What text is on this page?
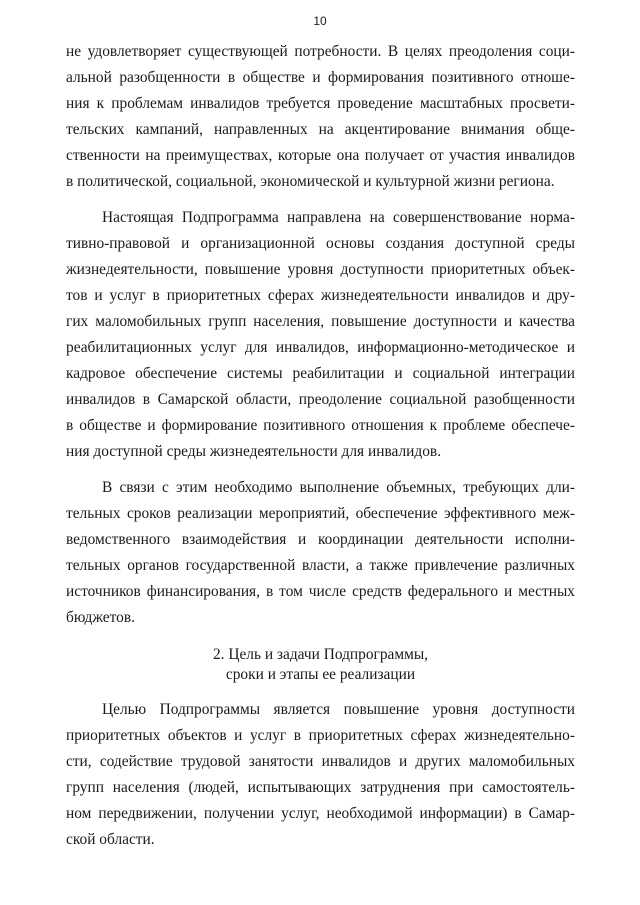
10
не удовлетворяет существующей потребности. В целях преодоления соци-
альной разобщенности в обществе и формирования позитивного отноше-
ния к проблемам инвалидов требуется проведение масштабных просвети-
тельских кампаний, направленных на акцентирование внимания обще-
ственности на преимуществах, которые она получает от участия инвалидов
в политической, социальной, экономической и культурной жизни региона.
Настоящая Подпрограмма направлена на совершенствование норма-
тивно-правовой и организационной основы создания доступной среды
жизнедеятельности, повышение уровня доступности приоритетных объек-
тов и услуг в приоритетных сферах жизнедеятельности инвалидов и дру-
гих маломобильных групп населения, повышение доступности и качества
реабилитационных услуг для инвалидов, информационно-методическое и
кадровое обеспечение системы реабилитации и социальной интеграции
инвалидов в Самарской области, преодоление социальной разобщенности
в обществе и формирование позитивного отношения к проблеме обеспече-
ния доступной среды жизнедеятельности для инвалидов.
В связи с этим необходимо выполнение объемных, требующих дли-
тельных сроков реализации мероприятий, обеспечение эффективного меж-
ведомственного взаимодействия и координации деятельности исполни-
тельных органов государственной власти, а также привлечение различных
источников финансирования, в том числе средств федерального и местных
бюджетов.
2. Цель и задачи Подпрограммы,
сроки и этапы ее реализации
Целью Подпрограммы является повышение уровня доступности
приоритетных объектов и услуг в приоритетных сферах жизнедеятельно-
сти, содействие трудовой занятости инвалидов и других маломобильных
групп населения (людей, испытывающих затруднения при самостоятель-
ном передвижении, получении услуг, необходимой информации) в Самар-
ской области.
